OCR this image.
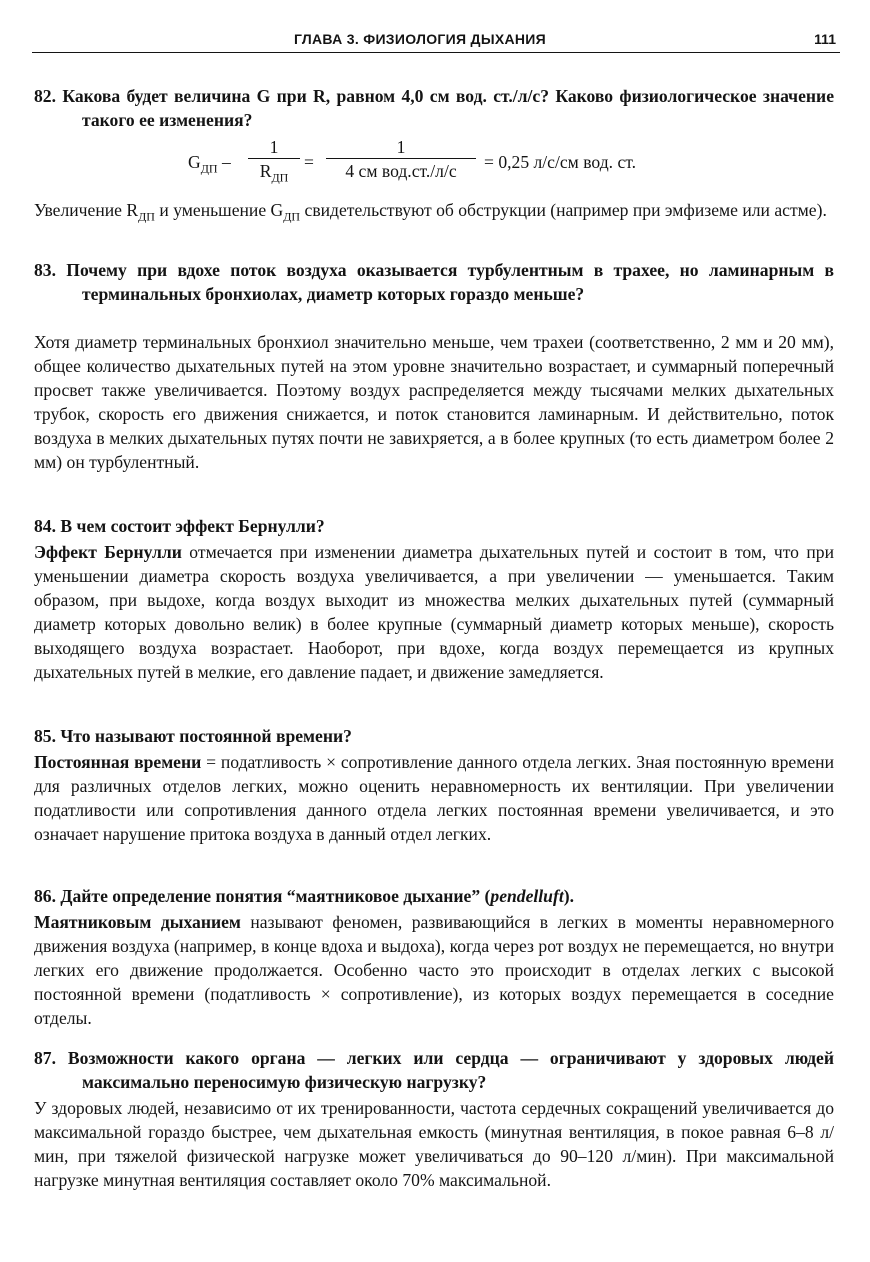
ГЛАВА 3. ФИЗИОЛОГИЯ ДЫХАНИЯ	111

82. Какова будет величина G при R, равном 4,0 см вод. ст./л/с? Каково физиологическое значение такого ее изменения?

$G_{ДП}$ –
1
$R_{ДП}$
=
1
4 см вод.ст./л/с	= 0,25 л/с/см вод. ст.

Увеличение $R_{ДП}$ и уменьшение $G_{ДП}$ свидетельствуют об обструкции (например при эмфиземе или астме).

83. Почему при вдохе поток воздуха оказывается турбулентным в трахее, но ламинарным в терминальных бронхиолах, диаметр которых гораздо меньше?

Хотя диаметр терминальных бронхиол значительно меньше, чем трахеи (соответственно, 2 мм и 20 мм), общее количество дыхательных путей на этом уровне значительно возрастает, и суммарный поперечный просвет также увеличивается. Поэтому воздух распределяется между тысячами мелких дыхательных трубок, скорость его движения снижается, и поток становится ламинарным. И действительно, поток воздуха в мелких дыхательных путях почти не завихряется, а в более крупных (то есть диаметром более 2 мм) он турбулентный.

84. В чем состоит эффект Бернулли?

Эффект Бернулли отмечается при изменении диаметра дыхательных путей и состоит в том, что при уменьшении диаметра скорость воздуха увеличивается, а при увеличении — уменьшается. Таким образом, при выдохе, когда воздух выходит из множества мелких дыхательных путей (суммарный диаметр которых довольно велик) в более крупные (суммарный диаметр которых меньше), скорость выходящего воздуха возрастает. Наоборот, при вдохе, когда воздух перемещается из крупных дыхательных путей в мелкие, его давление падает, и движение замедляется.

85. Что называют постоянной времени?

Постоянная времени = податливость × сопротивление данного отдела легких. Зная постоянную времени для различных отделов легких, можно оценить неравномерность их вентиляции. При увеличении податливости или сопротивления данного отдела легких постоянная времени увеличивается, и это означает нарушение притока воздуха в данный отдел легких.

86. Дайте определение понятия “маятниковое дыхание” (pendelluft).

Маятниковым дыханием называют феномен, развивающийся в легких в моменты неравномерного движения воздуха (например, в конце вдоха и выдоха), когда через рот воздух не перемещается, но внутри легких его движение продолжается. Особенно часто это происходит в отделах легких с высокой постоянной времени (податливость × сопротивление), из которых воздух перемещается в соседние отделы.

87. Возможности какого органа — легких или сердца — ограничивают у здоровых людей максимально переносимую физическую нагрузку?

У здоровых людей, независимо от их тренированности, частота сердечных сокращений увеличивается до максимальной гораздо быстрее, чем дыхательная емкость (минутная вентиляция, в покое равная 6–8 л/мин, при тяжелой физической нагрузке может увеличиваться до 90–120 л/мин). При максимальной нагрузке минутная вентиляция составляет около 70% максимальной.
